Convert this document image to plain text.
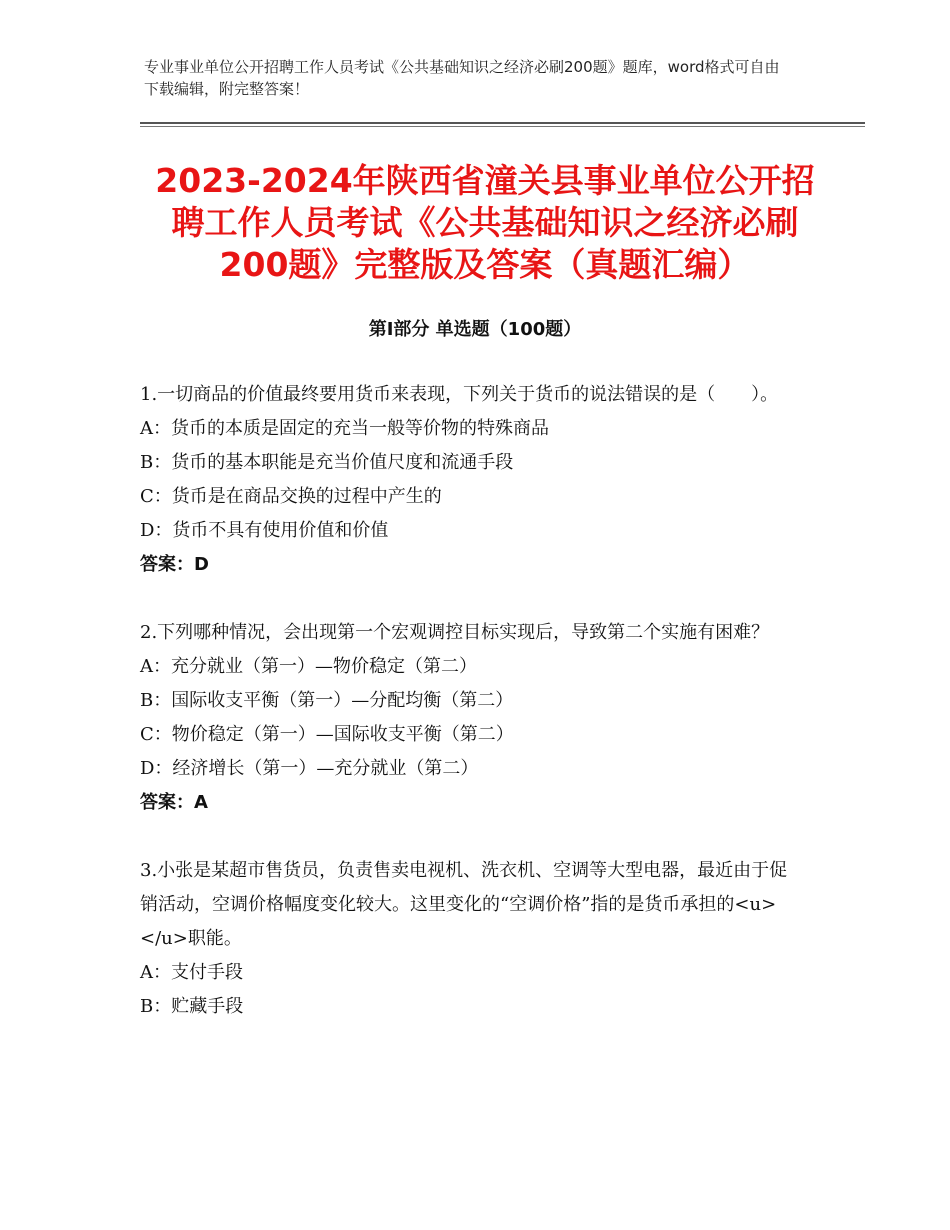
专业事业单位公开招聘工作人员考试《公共基础知识之经济必刷200题》题库，word格式可自由下载编辑，附完整答案！
2023-2024年陕西省潼关县事业单位公开招聘工作人员考试《公共基础知识之经济必刷200题》完整版及答案（真题汇编）
第Ⅰ部分 单选题（100题）

1.一切商品的价值最终要用货币来表现，下列关于货币的说法错误的是（　　）。

A：货币的本质是固定的充当一般等价物的特殊商品

B：货币的基本职能是充当价值尺度和流通手段

C：货币是在商品交换的过程中产生的

D：货币不具有使用价值和价值

答案：D

2.下列哪种情况，会出现第一个宏观调控目标实现后，导致第二个实施有困难？

A：充分就业（第一）—物价稳定（第二）

B：国际收支平衡（第一）—分配均衡（第二）

C：物价稳定（第一）—国际收支平衡（第二）

D：经济增长（第一）—充分就业（第二）

答案：A

3.小张是某超市售货员，负责售卖电视机、洗衣机、空调等大型电器，最近由于促销活动，空调价格幅度变化较大。这里变化的“空调价格”指的是货币承担的<u>　　　　　</u>职能。

A：支付手段

B：贮藏手段
